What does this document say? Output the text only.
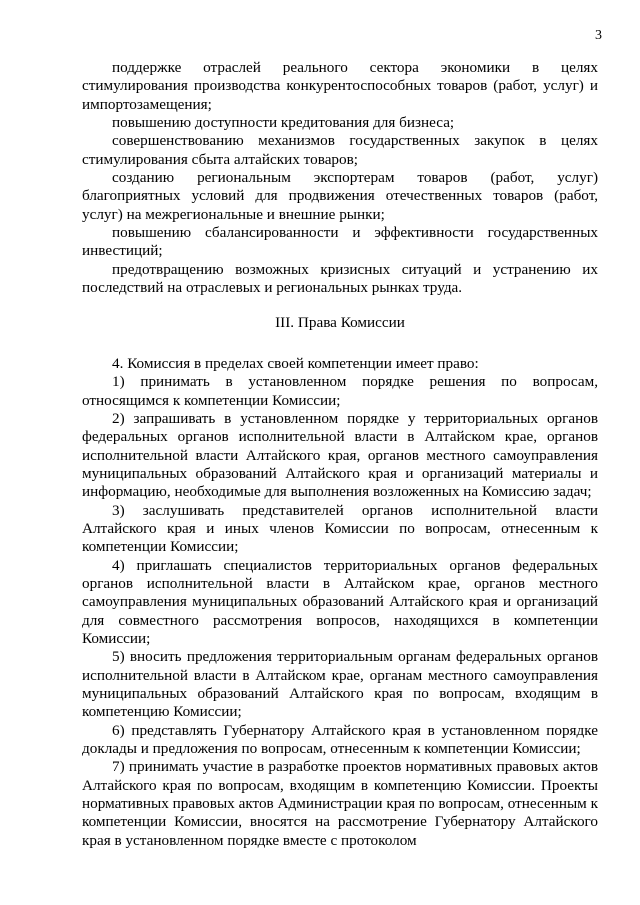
3

поддержке отраслей реального сектора экономики в целях стимулирования производства конкурентоспособных товаров (работ, услуг) и импортозамещения;

повышению доступности кредитования для бизнеса;

совершенствованию механизмов государственных закупок в целях стимулирования сбыта алтайских товаров;

созданию региональным экспортерам товаров (работ, услуг) благоприятных условий для продвижения отечественных товаров (работ, услуг) на межрегиональные и внешние рынки;

повышению сбалансированности и эффективности государственных инвестиций;

предотвращению возможных кризисных ситуаций и устранению их последствий на отраслевых и региональных рынках труда.

III. Права Комиссии

4. Комиссия в пределах своей компетенции имеет право:

1) принимать в установленном порядке решения по вопросам, относящимся к компетенции Комиссии;

2) запрашивать в установленном порядке у территориальных органов федеральных органов исполнительной власти в Алтайском крае, органов исполнительной власти Алтайского края, органов местного самоуправления муниципальных образований Алтайского края и организаций материалы и информацию, необходимые для выполнения возложенных на Комиссию задач;

3) заслушивать представителей органов исполнительной власти Алтайского края и иных членов Комиссии по вопросам, отнесенным к компетенции Комиссии;

4) приглашать специалистов территориальных органов федеральных органов исполнительной власти в Алтайском крае, органов местного самоуправления муниципальных образований Алтайского края и организаций для совместного рассмотрения вопросов, находящихся в компетенции Комиссии;

5) вносить предложения территориальным органам федеральных органов исполнительной власти в Алтайском крае, органам местного самоуправления муниципальных образований Алтайского края по вопросам, входящим в компетенцию Комиссии;

6) представлять Губернатору Алтайского края в установленном порядке доклады и предложения по вопросам, отнесенным к компетенции Комиссии;

7) принимать участие в разработке проектов нормативных правовых актов Алтайского края по вопросам, входящим в компетенцию Комиссии. Проекты нормативных правовых актов Администрации края по вопросам, отнесенным к компетенции Комиссии, вносятся на рассмотрение Губернатору Алтайского края в установленном порядке вместе с протоколом
